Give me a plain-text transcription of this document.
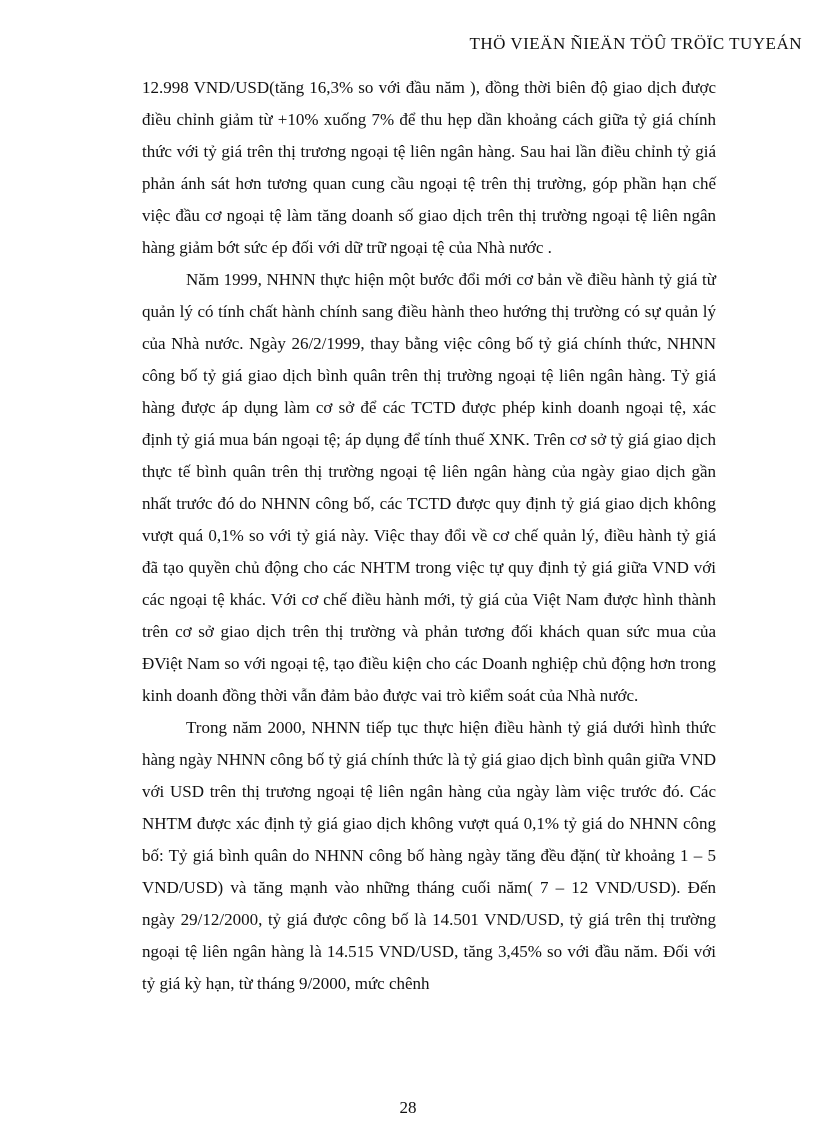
THÖ VIEÄN ÑIEÄN TÖÛ TRÖÏC TUYEÁN

12.998 VND/USD(tăng 16,3% so với đầu năm ), đồng thời biên độ giao dịch được điều chỉnh giảm từ +10% xuống 7% để thu hẹp dần khoảng cách giữa tỷ giá chính thức với tỷ giá trên thị trương ngoại tệ liên ngân hàng. Sau hai lần điều chỉnh tỷ giá phản ánh sát hơn tương quan cung cầu ngoại tệ trên thị trường, góp phần hạn chế việc đầu cơ ngoại tệ làm tăng doanh số giao dịch trên thị trường ngoại tệ liên ngân hàng giảm bớt sức ép đối với dữ trữ ngoại tệ của Nhà nước .

Năm 1999, NHNN thực hiện một bước đổi mới cơ bản về điều hành tỷ giá từ quản lý có tính chất hành chính sang điều hành theo hướng thị trường có sự quản lý của Nhà nước. Ngày 26/2/1999, thay bằng việc công bố tỷ giá chính thức, NHNN công bố tỷ giá giao dịch bình quân trên thị trường ngoại tệ liên ngân hàng. Tỷ giá hàng được áp dụng làm cơ sở để các TCTD được phép kinh doanh ngoại tệ, xác định tỷ giá mua bán ngoại tệ; áp dụng để tính thuế XNK. Trên cơ sở tỷ giá giao dịch thực tế bình quân trên thị trường ngoại tệ liên ngân hàng của ngày giao dịch gần nhất trước đó do NHNN công bố, các TCTD được quy định tỷ giá giao dịch không vượt quá 0,1% so với tỷ giá này. Việc thay đổi về cơ chế quản lý, điều hành tỷ giá đã tạo quyền chủ động cho các NHTM trong việc tự quy định tỷ giá giữa VND với các ngoại tệ khác. Với cơ chế điều hành mới, tỷ giá của Việt Nam được hình thành trên cơ sở giao dịch trên thị trường và phản tương đối khách quan sức mua của ĐViệt Nam so với ngoại tệ, tạo điều kiện cho các Doanh nghiệp chủ động hơn trong kinh doanh đồng thời vẫn đảm bảo được vai trò kiểm soát của Nhà nước.

Trong năm 2000, NHNN tiếp tục thực hiện điều hành tỷ giá dưới hình thức hàng ngày NHNN công bố tỷ giá chính thức là tỷ giá giao dịch bình quân giữa VND với USD trên thị trương ngoại tệ liên ngân hàng của ngày làm việc trước đó. Các NHTM được xác định tỷ giá giao dịch không vượt quá 0,1% tỷ giá do NHNN công bố: Tỷ giá bình quân do NHNN công bố hàng ngày tăng đều đặn( từ khoảng 1 – 5 VND/USD) và tăng mạnh vào những tháng cuối năm( 7 – 12 VND/USD). Đến ngày 29/12/2000, tỷ giá được công bố là 14.501 VND/USD, tỷ giá trên thị trường ngoại tệ liên ngân hàng là 14.515 VND/USD, tăng 3,45% so với đầu năm. Đối với tỷ giá kỳ hạn, từ tháng 9/2000, mức chênh

28
